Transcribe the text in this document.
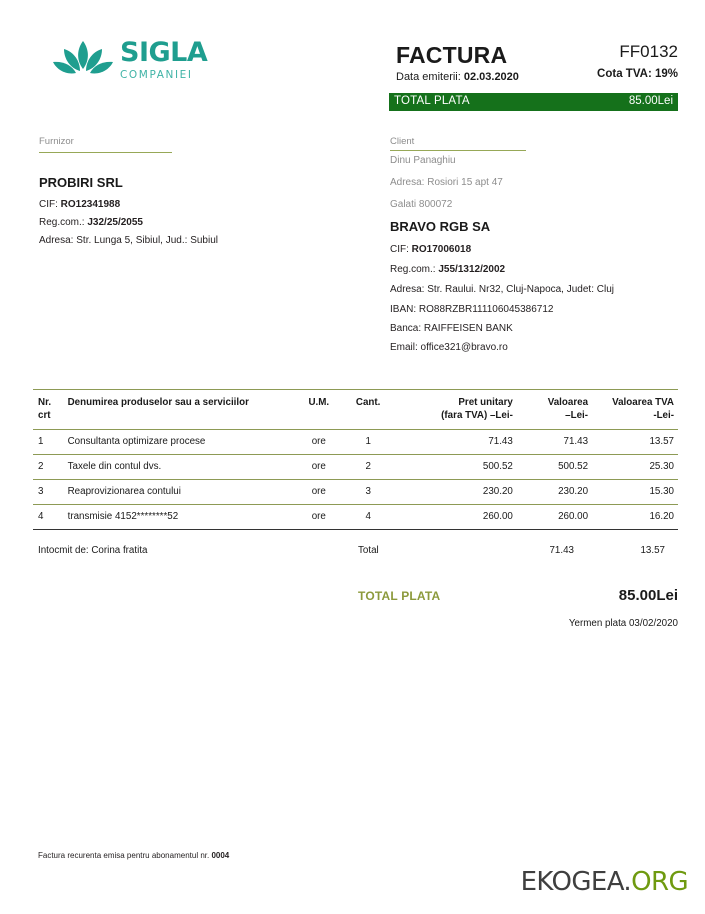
SIGLA
COMPANIEI
FACTURA
Data emiterii: 02.03.2020
FF0132
Cota TVA: 19%
TOTAL PLATA	85.00Lei
Furnizor
PROBIRI SRL
CIF: RO12341988
Reg.com.: J32/25/2055
Adresa: Str. Lunga 5, Sibiul, Jud.: Subiul
Client
Dinu Panaghiu
Adresa: Rosiori 15 apt 47
Galati 800072
BRAVO RGB SA
CIF: RO17006018
Reg.com.: J55/1312/2002
Adresa: Str. Raului. Nr32, Cluj-Napoca, Judet: Cluj
IBAN: RO88RZBR111106045386712
Banca: RAIFFEISEN BANK
Email: office321@bravo.ro
Nr.	Denumirea produselor sau a serviciilor	U.M.	Cant.	Pret unitary	Valoarea	Valoarea TVA
crt				(fara TVA) –Lei-	–Lei-	-Lei-
1	Consultanta optimizare procese	ore	1	71.43	71.43	13.57
2	Taxele din contul dvs.	ore	2	500.52	500.52	25.30
3	Reaprovizionarea contului	ore	3	230.20	230.20	15.30
4	transmisie 4152********52	ore	4	260.00	260.00	16.20
Intocmit de: Corina fratita	Total	71.43	13.57
TOTAL PLATA	85.00Lei
Yermen plata 03/02/2020
Factura recurenta emisa pentru abonamentul nr. 0004
EKOGEA.ORG
